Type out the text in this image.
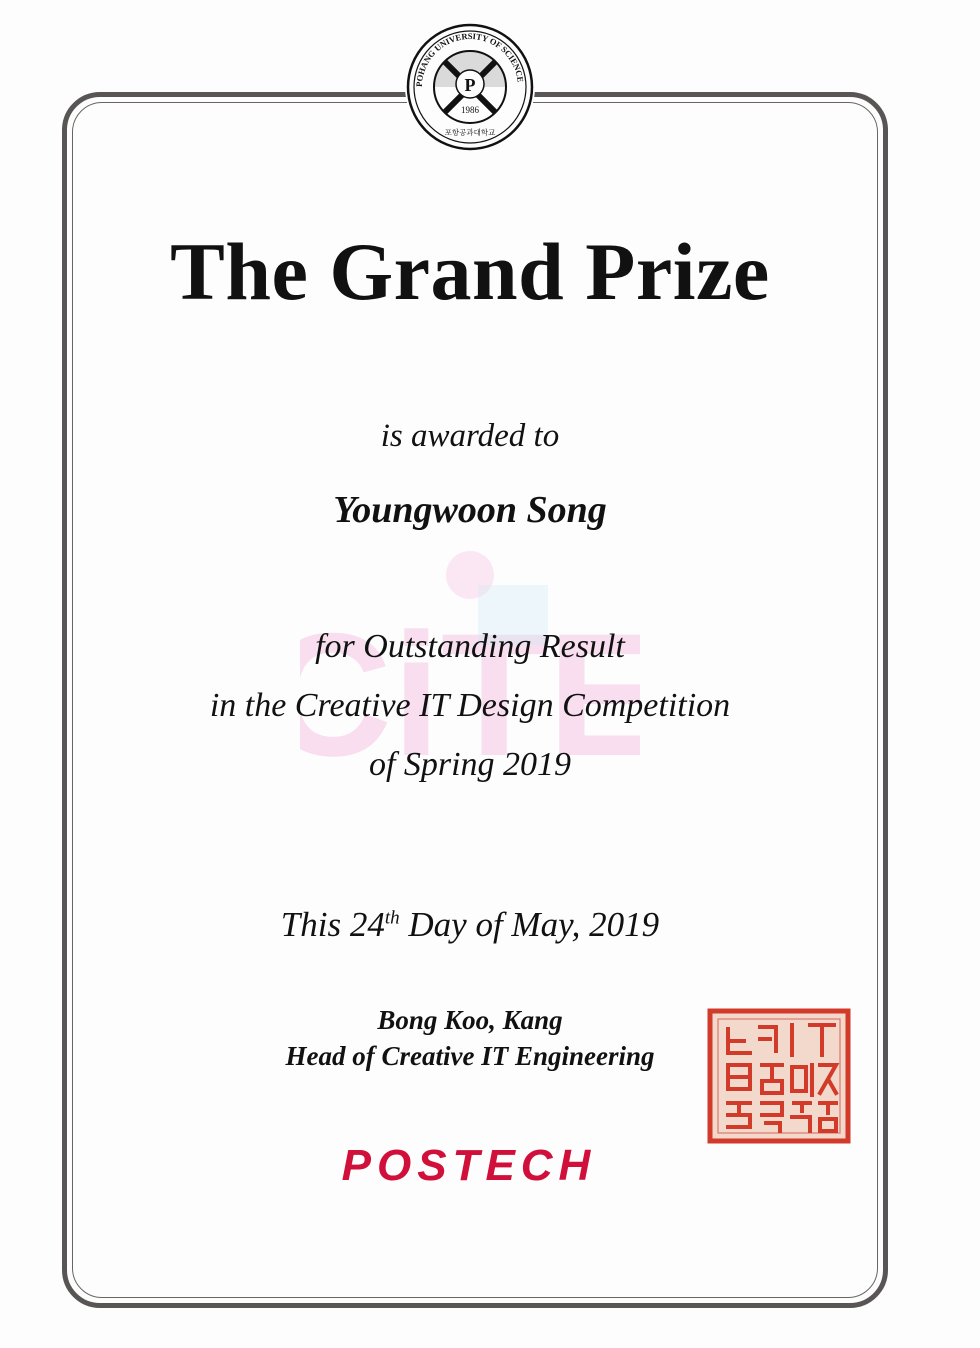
POHANG UNIVERSITY OF SCIENCE
P
1986
포항공과대학교
CiTE
The Grand Prize
is awarded to
Youngwoon Song
for Outstanding Result
in the Creative IT Design Competition
of Spring 2019
This 24th Day of May, 2019
Bong Koo, Kang
Head of Creative IT Engineering
POSTECH
